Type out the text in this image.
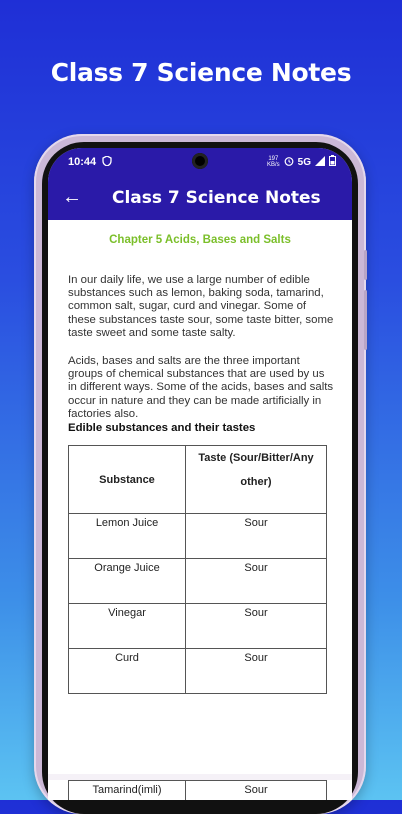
Class 7 Science Notes
10:44	197
KB/s 5G
← Class 7 Science Notes
Chapter 5 Acids, Bases and Salts
In our daily life, we use a large number of edible substances such as lemon, baking soda, tamarind, common salt, sugar, curd and vinegar. Some of these substances taste sour, some taste bitter, some taste sweet and some taste salty.
Acids, bases and salts are the three important groups of chemical substances that are used by us in different ways. Some of the acids, bases and salts occur in nature and they can be made artificially in factories also.
Edible substances and their tastes
Substance	Taste (Sour/Bitter/Any other)
Lemon Juice	Sour
Orange Juice	Sour
Vinegar	Sour
Curd	Sour
Tamarind(imli)	Sour
